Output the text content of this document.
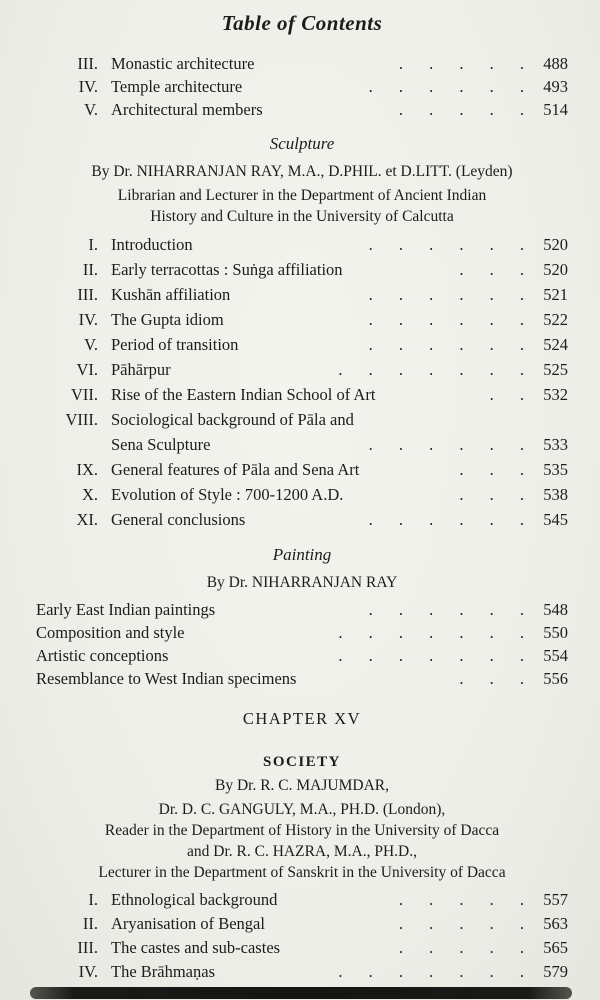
Table of Contents
III. Monastic architecture	. . . . .	488
IV. Temple architecture	. . . . . .	493
V. Architectural members	. . . . .	514
Sculpture
By Dr. NIHARRANJAN RAY, M.A., D.PHIL. et D.LITT. (Leyden)
Librarian and Lecturer in the Department of Ancient Indian
History and Culture in the University of Calcutta
I. Introduction	. . . . . .	520
II. Early terracottas : Suṅga affiliation	. . .	520
III. Kushān affiliation	. . . . . .	521
IV. The Gupta idiom	. . . . . .	522
V. Period of transition	. . . . . .	524
VI. Pāhārpur	. . . . . . .	525
VII. Rise of the Eastern Indian School of Art	. .	532
VIII. Sociological background of Pāla and
Sena Sculpture	. . . . . .	533
IX. General features of Pāla and Sena Art	. . .	535
X. Evolution of Style : 700-1200 A.D.	. . .	538
XI. General conclusions	. . . . . .	545
Painting
By Dr. NIHARRANJAN RAY
Early East Indian paintings	. . . . . .	548
Composition and style	. . . . . . .	550
Artistic conceptions	. . . . . . .	554
Resemblance to West Indian specimens	. . .	556
CHAPTER XV
SOCIETY
By Dr. R. C. MAJUMDAR,
Dr. D. C. GANGULY, M.A., PH.D. (London),
Reader in the Department of History in the University of Dacca
and Dr. R. C. HAZRA, M.A., PH.D.,
Lecturer in the Department of Sanskrit in the University of Dacca
I. Ethnological background	. . . . .	557
II. Aryanisation of Bengal	. . . . .	563
III. The castes and sub-castes	. . . . .	565
IV. The Brāhmaṇas	. . . . . . .	579
